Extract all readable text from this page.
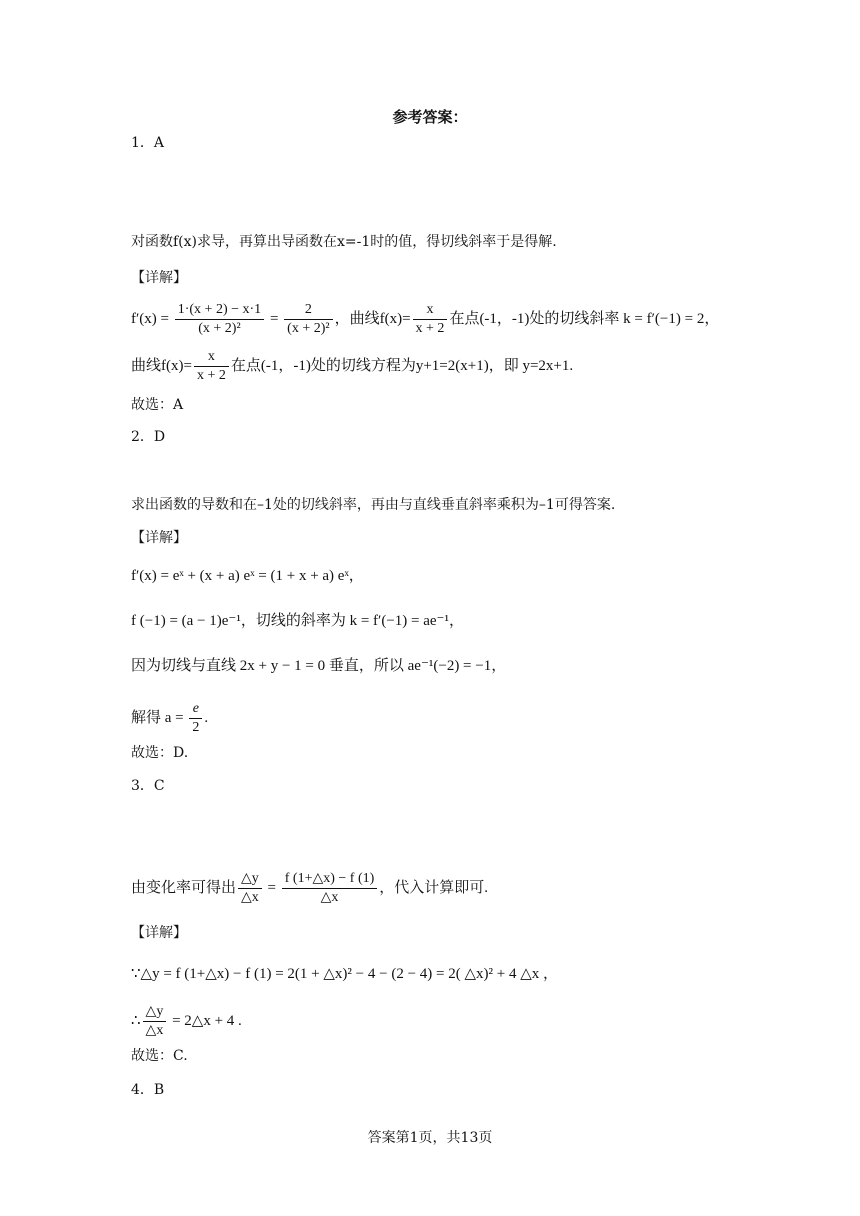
参考答案：
1．A
对函数f(x)求导，再算出导函数在x=-1时的值，得切线斜率于是得解.
【详解】
$f'(x) = \frac{1\cdot(x + 2) - x\cdot 1}{\text{(x + 2)²}} = \frac{2}{\text{(x + 2)²}}$ ，曲线$f(x)= \frac{x}{x + 2}$ 在点(-1，-1)处的切线斜率 k = f′(−1) = 2，
曲线$f(x)= \frac{x}{x + 2}$ 在点(-1，-1)处的切线方程为y+1=2(x+1)，即 y=2x+1.
故选：A
2．D
求出函数的导数和在–1处的切线斜率，再由与直线垂直斜率乘积为–1可得答案.
【详解】
f′(x) = eˣ + (x + a) eˣ = (1 + x + a) eˣ，
f (−1) = (a − 1)e⁻¹，切线的斜率为 k = f′(−1) = ae⁻¹，
因为切线与直线 2x + y − 1 = 0 垂直，所以 ae⁻¹(−2) = −1，
解得 $a = \frac{e}{2}$ .
故选：D.
3．C
由变化率可得出 $\frac{\triangle y}{\triangle x} = \frac{f (1+\triangle x) - f (1)}{\triangle x}$ ，代入计算即可.
【详解】
∵△y = f (1+△x) − f (1) = 2(1 + △x)² − 4 − (2 − 4) = 2( △x)² + 4 △x ，
∴ $\frac{\triangle y}{\triangle x}$ = 2△x + 4 .
故选：C.
4．B
答案第1页，共13页
